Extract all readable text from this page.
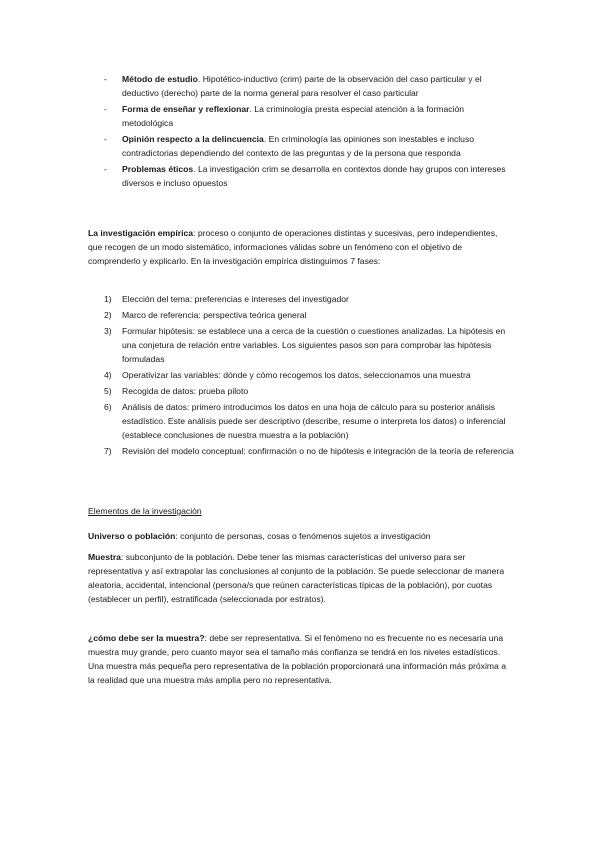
- Método de estudio. Hipotético-inductivo (crim) parte de la observación del caso particular y el deductivo (derecho) parte de la norma general para resolver el caso particular
- Forma de enseñar y reflexionar. La criminología presta especial atención a la formación metodológica
- Opinión respecto a la delincuencia. En criminología las opiniones son inestables e incluso contradictorias dependiendo del contexto de las preguntas y de la persona que responda
- Problemas éticos. La investigación crim se desarrolla en contextos donde hay grupos con intereses diversos e incluso opuestos

La investigación empírica: proceso o conjunto de operaciones distintas y sucesivas, pero independientes, que recogen de un modo sistemático, informaciones válidas sobre un fenómeno con el objetivo de comprenderlo y explicarlo. En la investigación empírica distinguimos 7 fases:

1) Elección del tema: preferencias e intereses del investigador
2) Marco de referencia: perspectiva teórica general
3) Formular hipótesis: se establece una a cerca de la cuestión o cuestiones analizadas. La hipótesis en una conjetura de relación entre variables. Los siguientes pasos son para comprobar las hipótesis formuladas
4) Operativizar las variables: dónde y cómo recogemos los datos, seleccionamos una muestra
5) Recogida de datos: prueba piloto
6) Análisis de datos: primero introducimos los datos en una hoja de cálculo para su posterior análisis estadístico. Este análisis puede ser descriptivo (describe, resume o interpreta los datos) o inferencial (establece conclusiones de nuestra muestra a la población)
7) Revisión del modelo conceptual: confirmación o no de hipótesis e integración de la teoría de referencia

Elementos de la investigación

Universo o población: conjunto de personas, cosas o fenómenos sujetos a investigación

Muestra: subconjunto de la población. Debe tener las mismas características del universo para ser representativa y así extrapolar las conclusiones al conjunto de la población. Se puede seleccionar de manera aleatoria, accidental, intencional (persona/s que reúnen características típicas de la población), por cuotas (establecer un perfil), estratificada (seleccionada por estratos).

¿cómo debe ser la muestra?: debe ser representativa. Si el fenómeno no es frecuente no es necesaria una muestra muy grande, pero cuanto mayor sea el tamaño más confianza se tendrá en los niveles estadísticos. Una muestra más pequeña pero representativa de la población proporcionará una información más próxima a la realidad que una muestra más amplia pero no representativa.
